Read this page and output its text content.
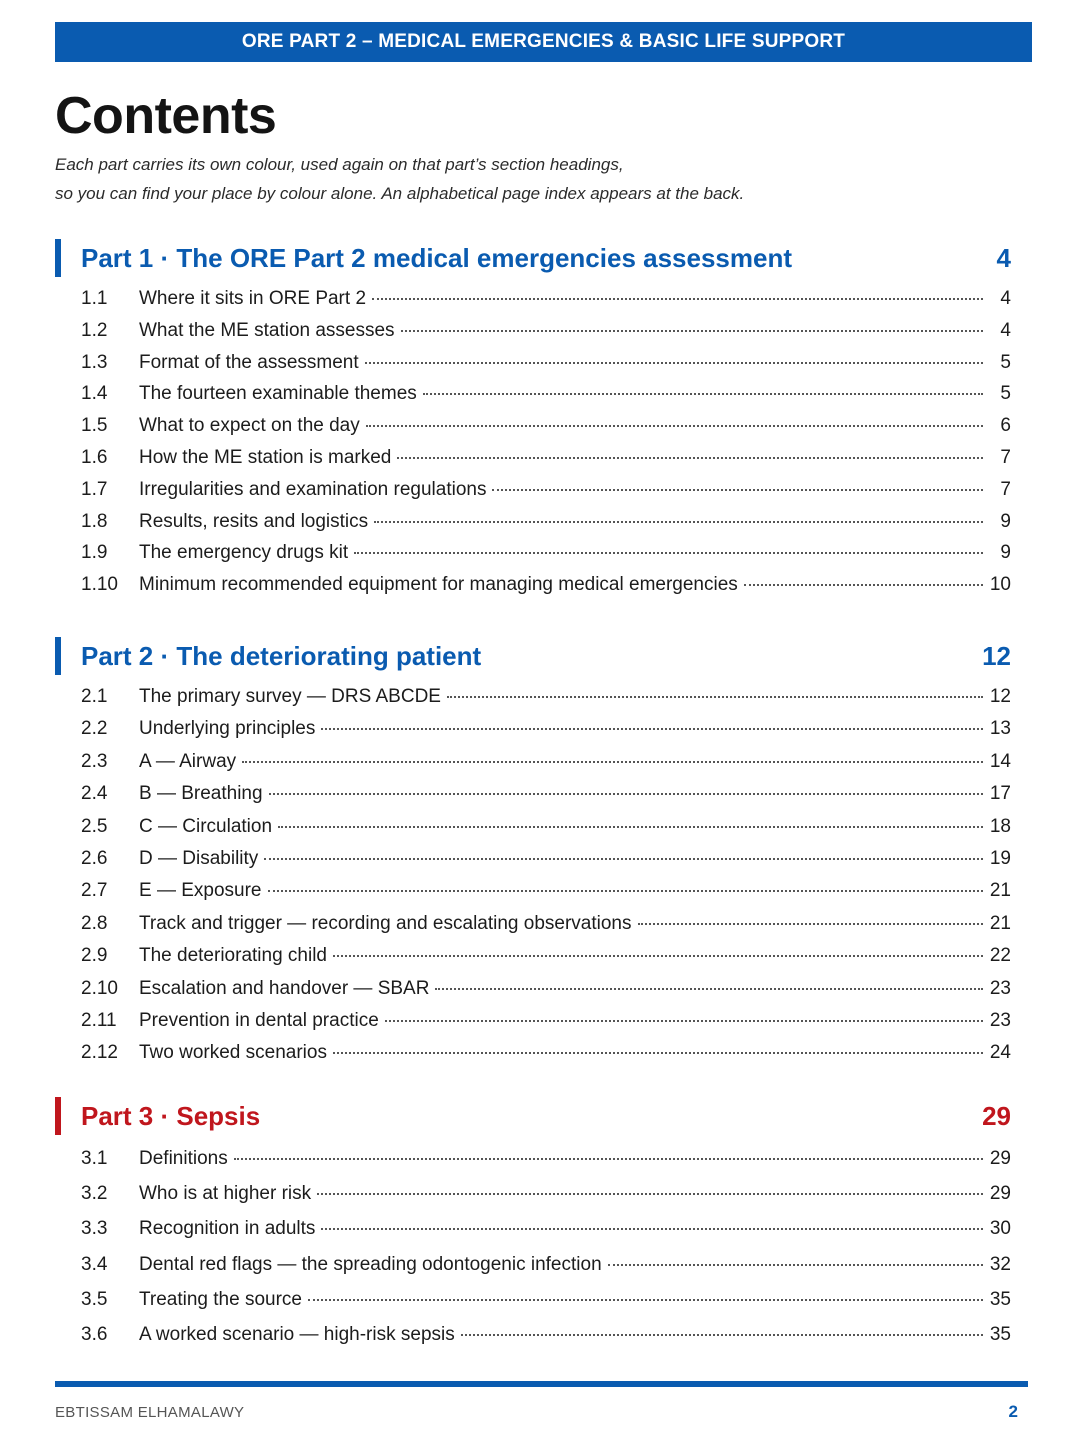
ORE PART 2 – MEDICAL EMERGENCIES & BASIC LIFE SUPPORT
Contents
Each part carries its own colour, used again on that part’s section headings,
so you can find your place by colour alone. An alphabetical page index appears at the back.
Part 1 · The ORE Part 2 medical emergencies assessment	4
1.1	Where it sits in ORE Part 2	4
1.2	What the ME station assesses	4
1.3	Format of the assessment	5
1.4	The fourteen examinable themes	5
1.5	What to expect on the day	6
1.6	How the ME station is marked	7
1.7	Irregularities and examination regulations	7
1.8	Results, resits and logistics	9
1.9	The emergency drugs kit	9
1.10	Minimum recommended equipment for managing medical emergencies	10
Part 2 · The deteriorating patient	12
2.1	The primary survey — DRS ABCDE	12
2.2	Underlying principles	13
2.3	A — Airway	14
2.4	B — Breathing	17
2.5	C — Circulation	18
2.6	D — Disability	19
2.7	E — Exposure	21
2.8	Track and trigger — recording and escalating observations	21
2.9	The deteriorating child	22
2.10	Escalation and handover — SBAR	23
2.11	Prevention in dental practice	23
2.12	Two worked scenarios	24
Part 3 · Sepsis	29
3.1	Definitions	29
3.2	Who is at higher risk	29
3.3	Recognition in adults	30
3.4	Dental red flags — the spreading odontogenic infection	32
3.5	Treating the source	35
3.6	A worked scenario — high-risk sepsis	35
EBTISSAM ELHAMALAWY	2
